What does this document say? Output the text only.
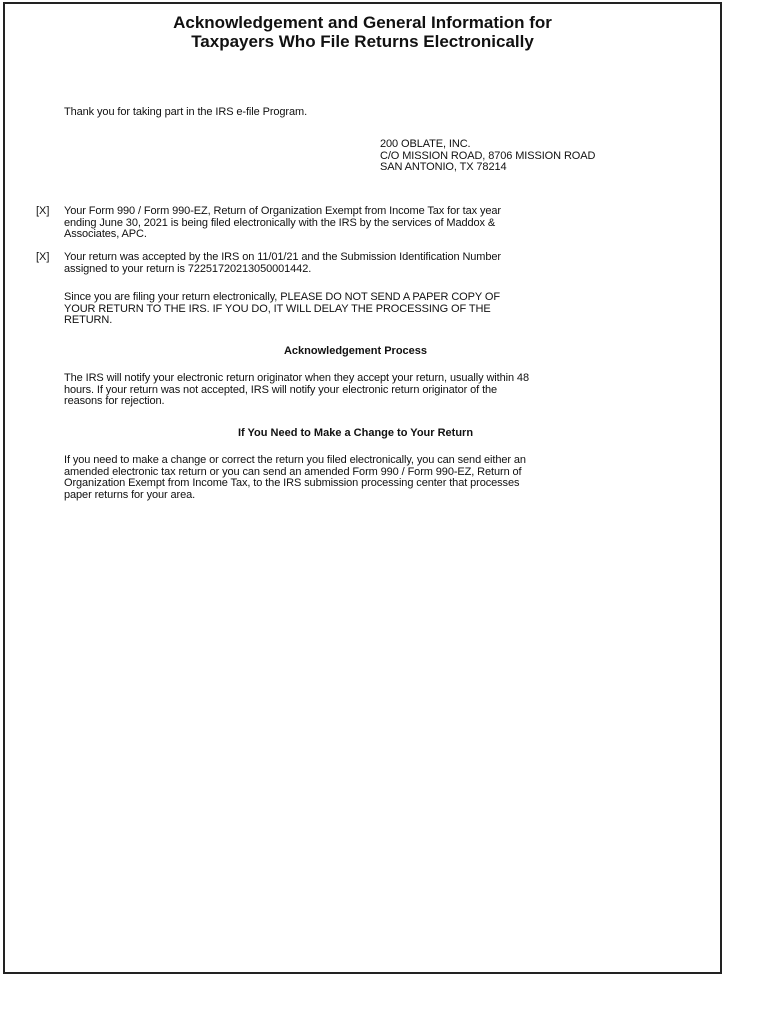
Acknowledgement and General Information for
Taxpayers Who File Returns Electronically
Thank you for taking part in the IRS e-file Program.
200 OBLATE, INC.
C/O MISSION ROAD, 8706 MISSION ROAD
SAN ANTONIO, TX 78214
[X] Your Form 990 / Form 990-EZ, Return of Organization Exempt from Income Tax for tax year
ending June 30, 2021 is being filed electronically with the IRS by the services of Maddox &
Associates, APC.
[X] Your return was accepted by the IRS on 11/01/21 and the Submission Identification Number
assigned to your return is 72251720213050001442.
Since you are filing your return electronically, PLEASE DO NOT SEND A PAPER COPY OF
YOUR RETURN TO THE IRS. IF YOU DO, IT WILL DELAY THE PROCESSING OF THE
RETURN.
Acknowledgement Process
The IRS will notify your electronic return originator when they accept your return, usually within 48
hours. If your return was not accepted, IRS will notify your electronic return originator of the
reasons for rejection.
If You Need to Make a Change to Your Return
If you need to make a change or correct the return you filed electronically, you can send either an
amended electronic tax return or you can send an amended Form 990 / Form 990-EZ, Return of
Organization Exempt from Income Tax, to the IRS submission processing center that processes
paper returns for your area.
